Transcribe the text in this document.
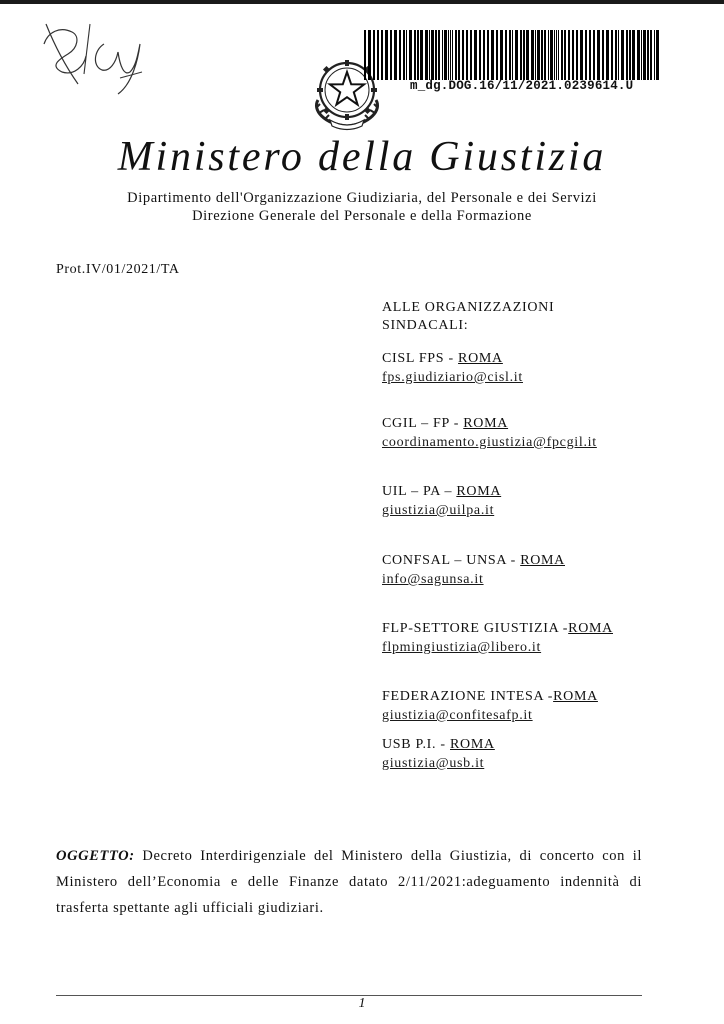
m_dg.DOG.16/11/2021.0239614.U
Ministero della Giustizia
Dipartimento dell'Organizzazione Giudiziaria, del Personale e dei Servizi
Direzione Generale del Personale e della Formazione
Prot.IV/01/2021/TA
ALLE ORGANIZZAZIONI
SINDACALI:
CISL FPS - ROMA
fps.giudiziario@cisl.it
CGIL – FP - ROMA
coordinamento.giustizia@fpcgil.it
UIL – PA – ROMA
giustizia@uilpa.it
CONFSAL – UNSA - ROMA
info@sagunsa.it
FLP-SETTORE GIUSTIZIA -ROMA
flpmingiustizia@libero.it
FEDERAZIONE INTESA -ROMA
giustizia@confitesafp.it
USB P.I. - ROMA
giustizia@usb.it
OGGETTO: Decreto Interdirigenziale del Ministero della Giustizia, di concerto con il Ministero dell’Economia e delle Finanze datato 2/11/2021:adeguamento indennità di trasferta spettante agli ufficiali giudiziari.
1
